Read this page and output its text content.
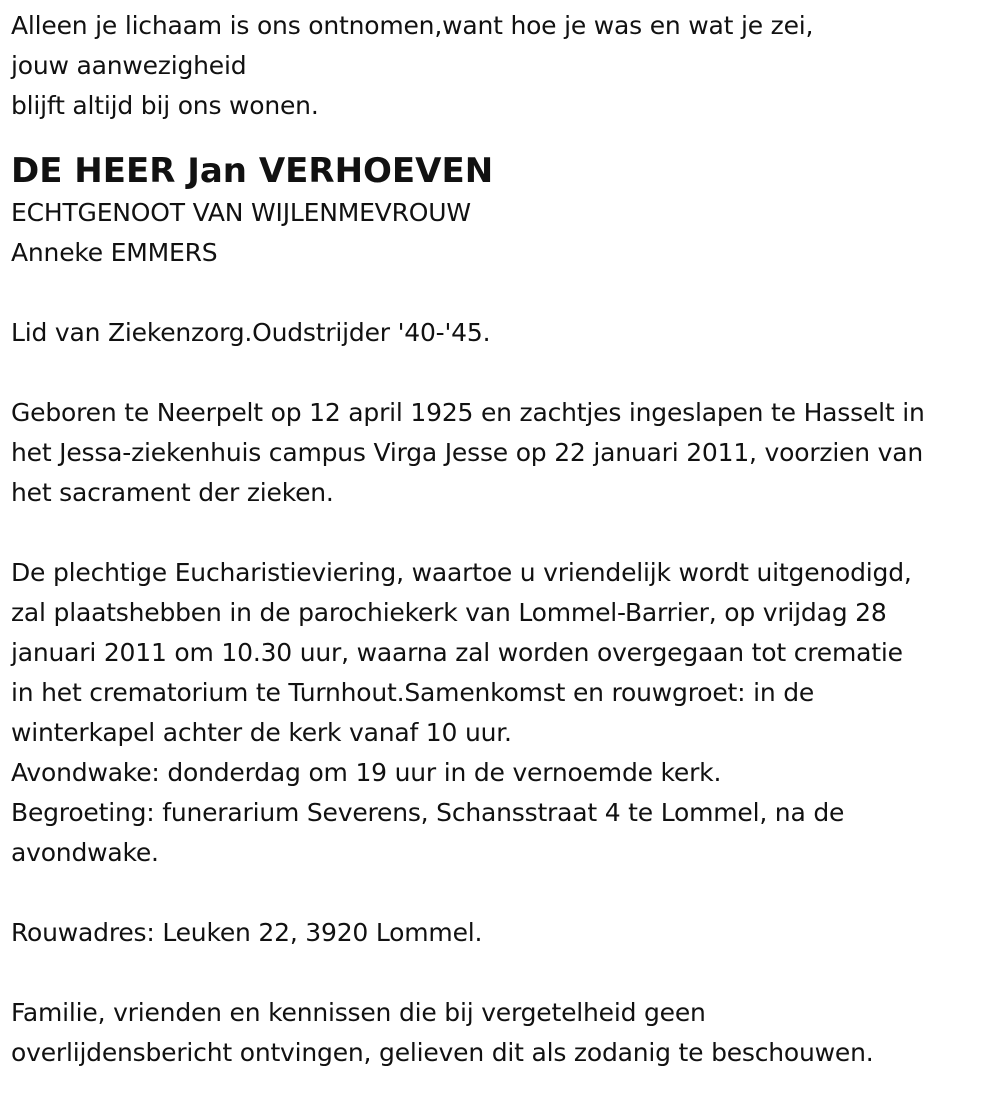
Alleen je lichaam is ons ontnomen,want hoe je was en wat je zei,
jouw aanwezigheid
blijft altijd bij ons wonen.
DE HEER Jan VERHOEVEN
ECHTGENOOT VAN WIJLENMEVROUW
Anneke EMMERS
Lid van Ziekenzorg.Oudstrijder '40-'45.
Geboren te Neerpelt op 12 april 1925 en zachtjes ingeslapen te Hasselt in
het Jessa-ziekenhuis campus Virga Jesse op 22 januari 2011, voorzien van
het sacrament der zieken.
De plechtige Eucharistieviering, waartoe u vriendelijk wordt uitgenodigd,
zal plaatshebben in de parochiekerk van Lommel-Barrier, op vrijdag 28
januari 2011 om 10.30 uur, waarna zal worden overgegaan tot crematie
in het crematorium te Turnhout.Samenkomst en rouwgroet: in de
winterkapel achter de kerk vanaf 10 uur.
Avondwake: donderdag om 19 uur in de vernoemde kerk.
Begroeting: funerarium Severens, Schansstraat 4 te Lommel, na de
avondwake.
Rouwadres: Leuken 22, 3920 Lommel.
Familie, vrienden en kennissen die bij vergetelheid geen
overlijdensbericht ontvingen, gelieven dit als zodanig te beschouwen.
